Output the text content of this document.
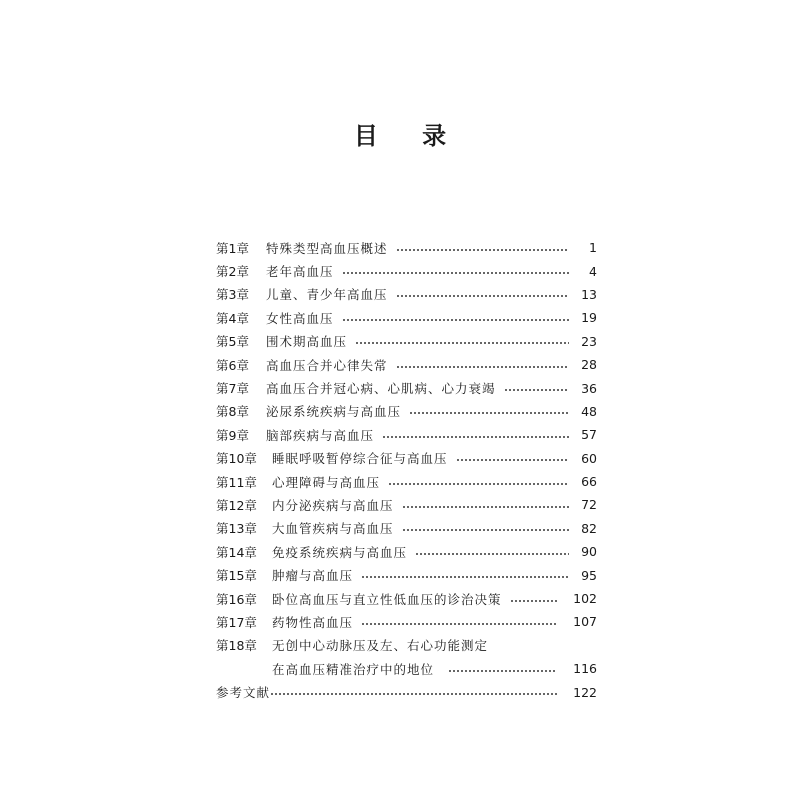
目 录
第1章	特殊类型高血压概述	1
第2章	老年高血压	4
第3章	儿童、青少年高血压	13
第4章	女性高血压	19
第5章	围术期高血压	23
第6章	高血压合并心律失常	28
第7章	高血压合并冠心病、心肌病、心力衰竭	36
第8章	泌尿系统疾病与高血压	48
第9章	脑部疾病与高血压	57
第10章	睡眠呼吸暂停综合征与高血压	60
第11章	心理障碍与高血压	66
第12章	内分泌疾病与高血压	72
第13章	大血管疾病与高血压	82
第14章	免疫系统疾病与高血压	90
第15章	肿瘤与高血压	95
第16章	卧位高血压与直立性低血压的诊治决策	102
第17章	药物性高血压	107
第18章	无创中心动脉压及左、右心功能测定
在高血压精准治疗中的地位	116
参考文献	122
